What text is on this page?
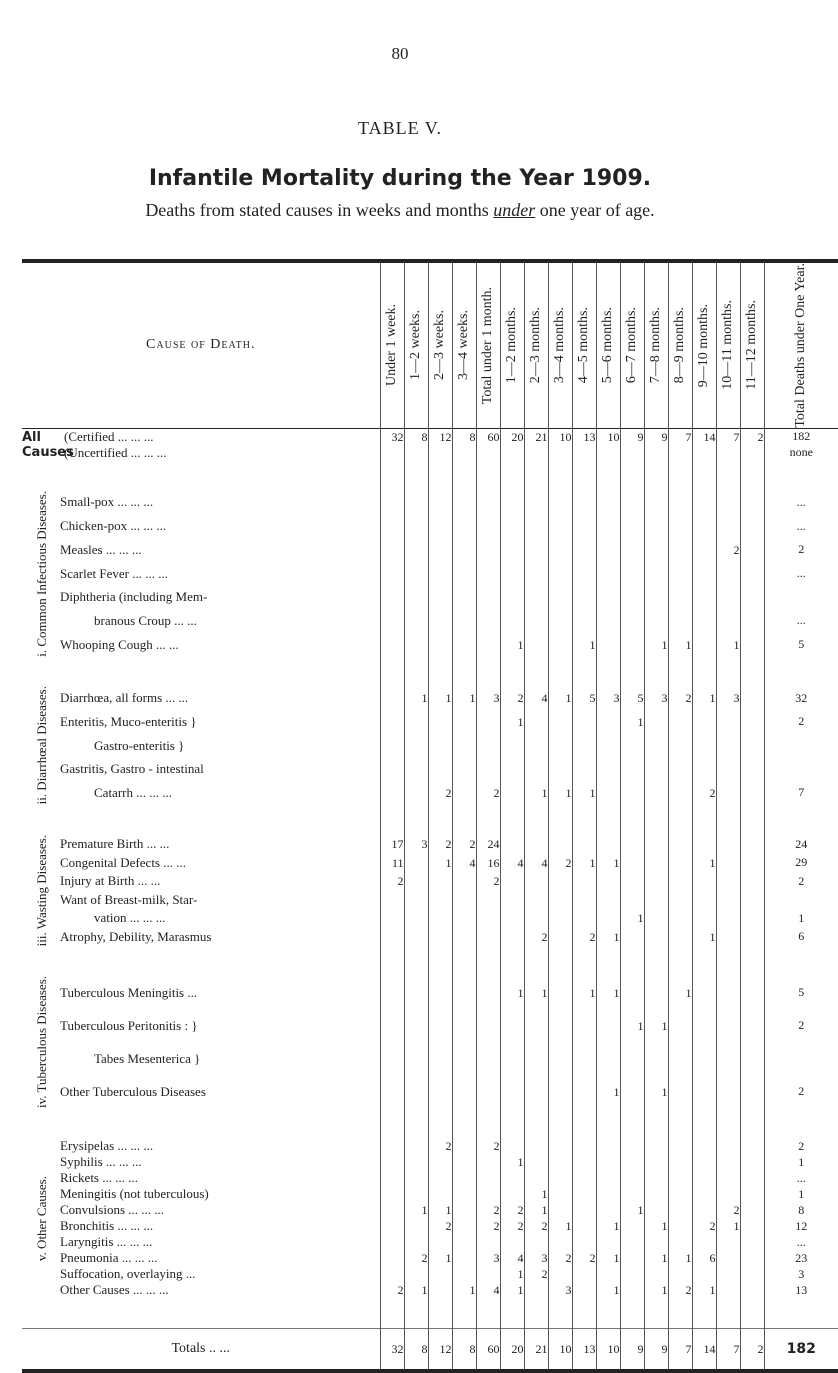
80
TABLE V.
Infantile Mortality during the Year 1909.
Deaths from stated causes in weeks and months under one year of age.
Cause of Death.		Under 1 week.	1—2 weeks.	2—3 weeks.	3—4 weeks.	Total under 1 month.	1—2 months.	2—3 months.	3—4 months.	4—5 months.	5—6 months.	6—7 months.	7—8 months.	8—9 months.	9—10 months.	10—11 months.	11—12 months.	Total Deaths under One Year.

All Causes	(Certified ... ... ...	32	8	12	8	60	20	21	10	13	10	9	9	7	14	7	2	182
	(Uncertified ... ... ...																	none

i. Common Infectious Diseases.	Small-pox ... ... ...																	...
	Chicken-pox ... ... ...																	...
	Measles ... ... ...															2		2
	Scarlet Fever ... ... ...																	...
	Diphtheria (including Mem-																	
	branous Croup ... ...																	...
	Whooping Cough ... ...						1			1			1	1		1		5

ii. Diarrhœal Diseases.	Diarrhœa, all forms ... ...		1	1	1	3	2	4	1	5	3	5	3	2	1	3		32
	Enteritis, Muco-enteritis }						1					1						2
	Gastro-enteritis }																	
	Gastritis, Gastro - intestinal																	
	Catarrh ... ... ...			2		2		1	1	1					2			7

iii. Wasting Diseases.	Premature Birth ... ...	17	3	2	2	24												24
	Congenital Defects ... ...	11		1	4	16	4	4	2	1	1				1			29
	Injury at Birth ... ...	2				2												2
	Want of Breast-milk, Star-																	
	vation ... ... ...											1						1
	Atrophy, Debility, Marasmus							2		2	1				1			6

iv. Tuberculous Diseases.	Tuberculous Meningitis ...						1	1		1	1			1				5
	Tuberculous Peritonitis : }											1	1					2
	Tabes Mesenterica }																	
	Other Tuberculous Diseases										1		1					2

v. Other Causes.	Erysipelas ... ... ...			2		2												2
	Syphilis ... ... ...						1											1
	Rickets ... ... ...																	...
	Meningitis (not tuberculous)							1										1
	Convulsions ... ... ...		1	1		2	2	1				1				2		8
	Bronchitis ... ... ...			2		2	2	2	1		1		1		2	1		12
	Laryngitis ... ... ...																	...
	Pneumonia ... ... ...		2	1		3	4	3	2	2	1		1	1	6			23
	Suffocation, overlaying ...						1	2										3
	Other Causes ... ... ...	2	1		1	4	1		3		1		1	2	1			13

Totals .. ...		32	8	12	8	60	20	21	10	13	10	9	9	7	14	7	2	182
